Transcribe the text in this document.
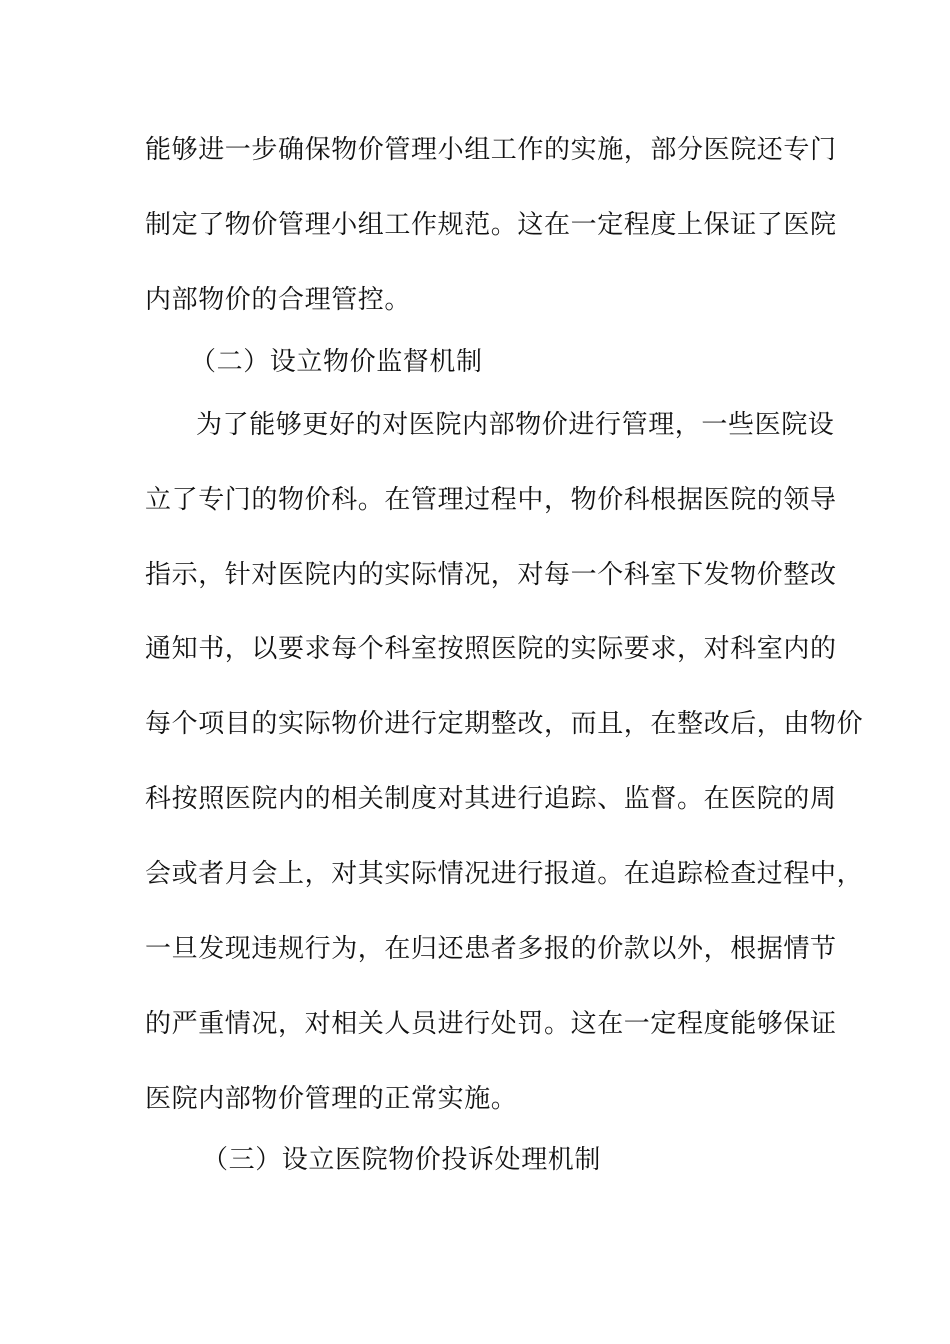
能够进一步确保物价管理小组工作的实施，部分医院还专门
制定了物价管理小组工作规范。这在一定程度上保证了医院
内部物价的合理管控。
（二）设立物价监督机制
为了能够更好的对医院内部物价进行管理，一些医院设
立了专门的物价科。在管理过程中，物价科根据医院的领导
指示，针对医院内的实际情况，对每一个科室下发物价整改
通知书，以要求每个科室按照医院的实际要求，对科室内的
每个项目的实际物价进行定期整改，而且，在整改后，由物价
科按照医院内的相关制度对其进行追踪、监督。在医院的周
会或者月会上，对其实际情况进行报道。在追踪检查过程中，
一旦发现违规行为，在归还患者多报的价款以外，根据情节
的严重情况，对相关人员进行处罚。这在一定程度能够保证
医院内部物价管理的正常实施。
（三）设立医院物价投诉处理机制
